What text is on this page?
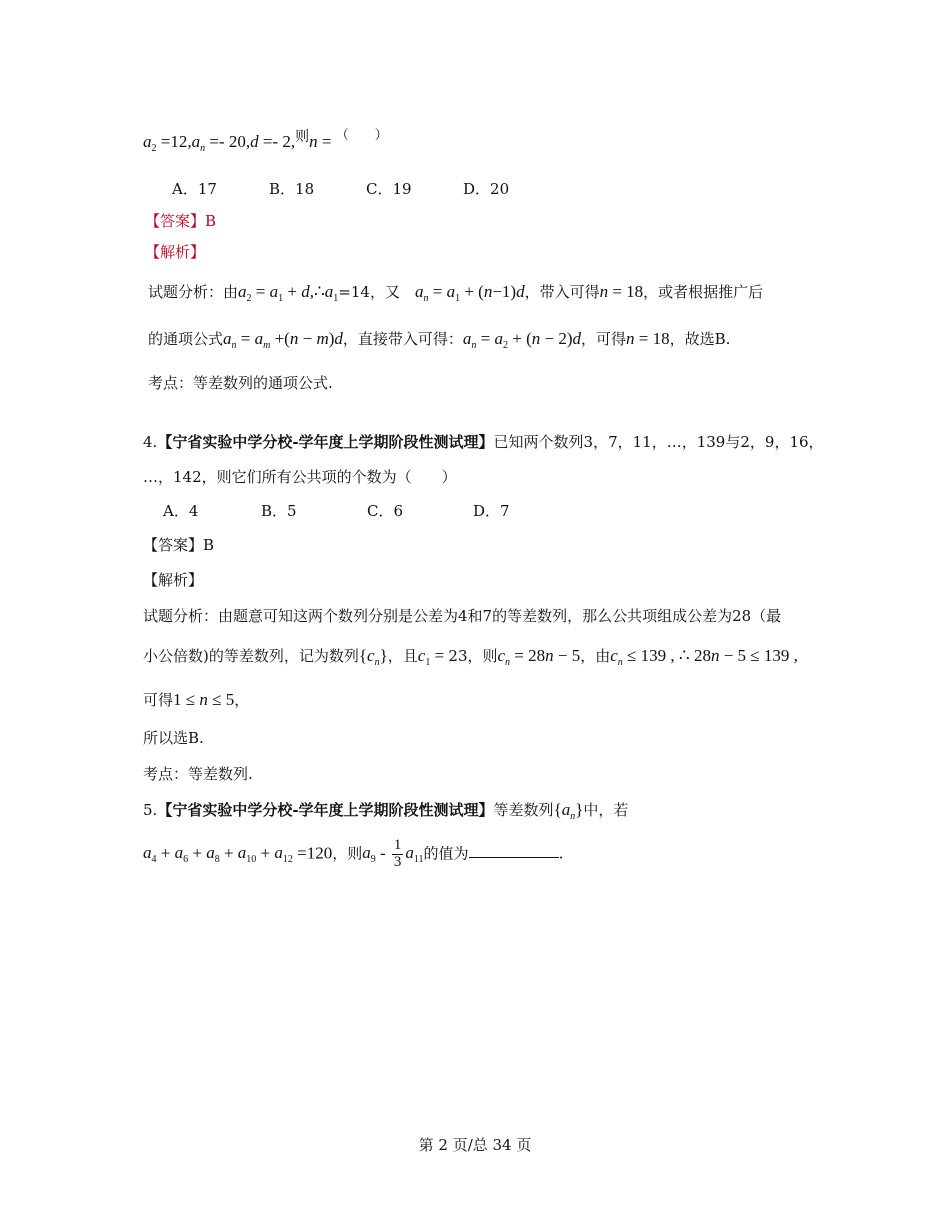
$a_2 =12,a_n =- 20,d =- 2$,则n = （　　）
A．17	B．18	C．19	D．20
【答案】B
【解析】
试题分析：由$a_2 = a_1$ + $d,\therefore a_1=14$，又　 $a_n = a_1 + (n-1)d$，带入可得n = 18，或者根据推广后
的通项公式$a_n = a_m +(n - m)d$，直接带入可得：$a_n = a_2 + (n - 2)d$，可得n = 18，故选B.
考点：等差数列的通项公式.
4.【宁省实验中学分校-学年度上学期阶段性测试理】已知两个数列3，7，11，…，139与2，9，16，
…，142，则它们所有公共项的个数为（　　）
A．4	B．5	C．6	D．7
【答案】B
【解析】
试题分析：由题意可知这两个数列分别是公差为4和7的等差数列，那么公共项组成公差为28（最
小公倍数)的等差数列，记为数列$\{c_n\}$，且$c_1 = 23$，则$c_n = 28n - 5$，由$c_n \le 139$ , ∴ 28n − 5 ≤ 139 ,
可得1 ≤ n ≤ 5，
所以选B.
考点：等差数列.
5.【宁省实验中学分校-学年度上学期阶段性测试理】等差数列$\{a_n\}$中，若
$a_4 + a_6 + a_8 + a_{10} + a_{12} =120$，则$a_9 - \frac{1}{3} a_{11}$的值为	.
第 2 页/总 34 页
